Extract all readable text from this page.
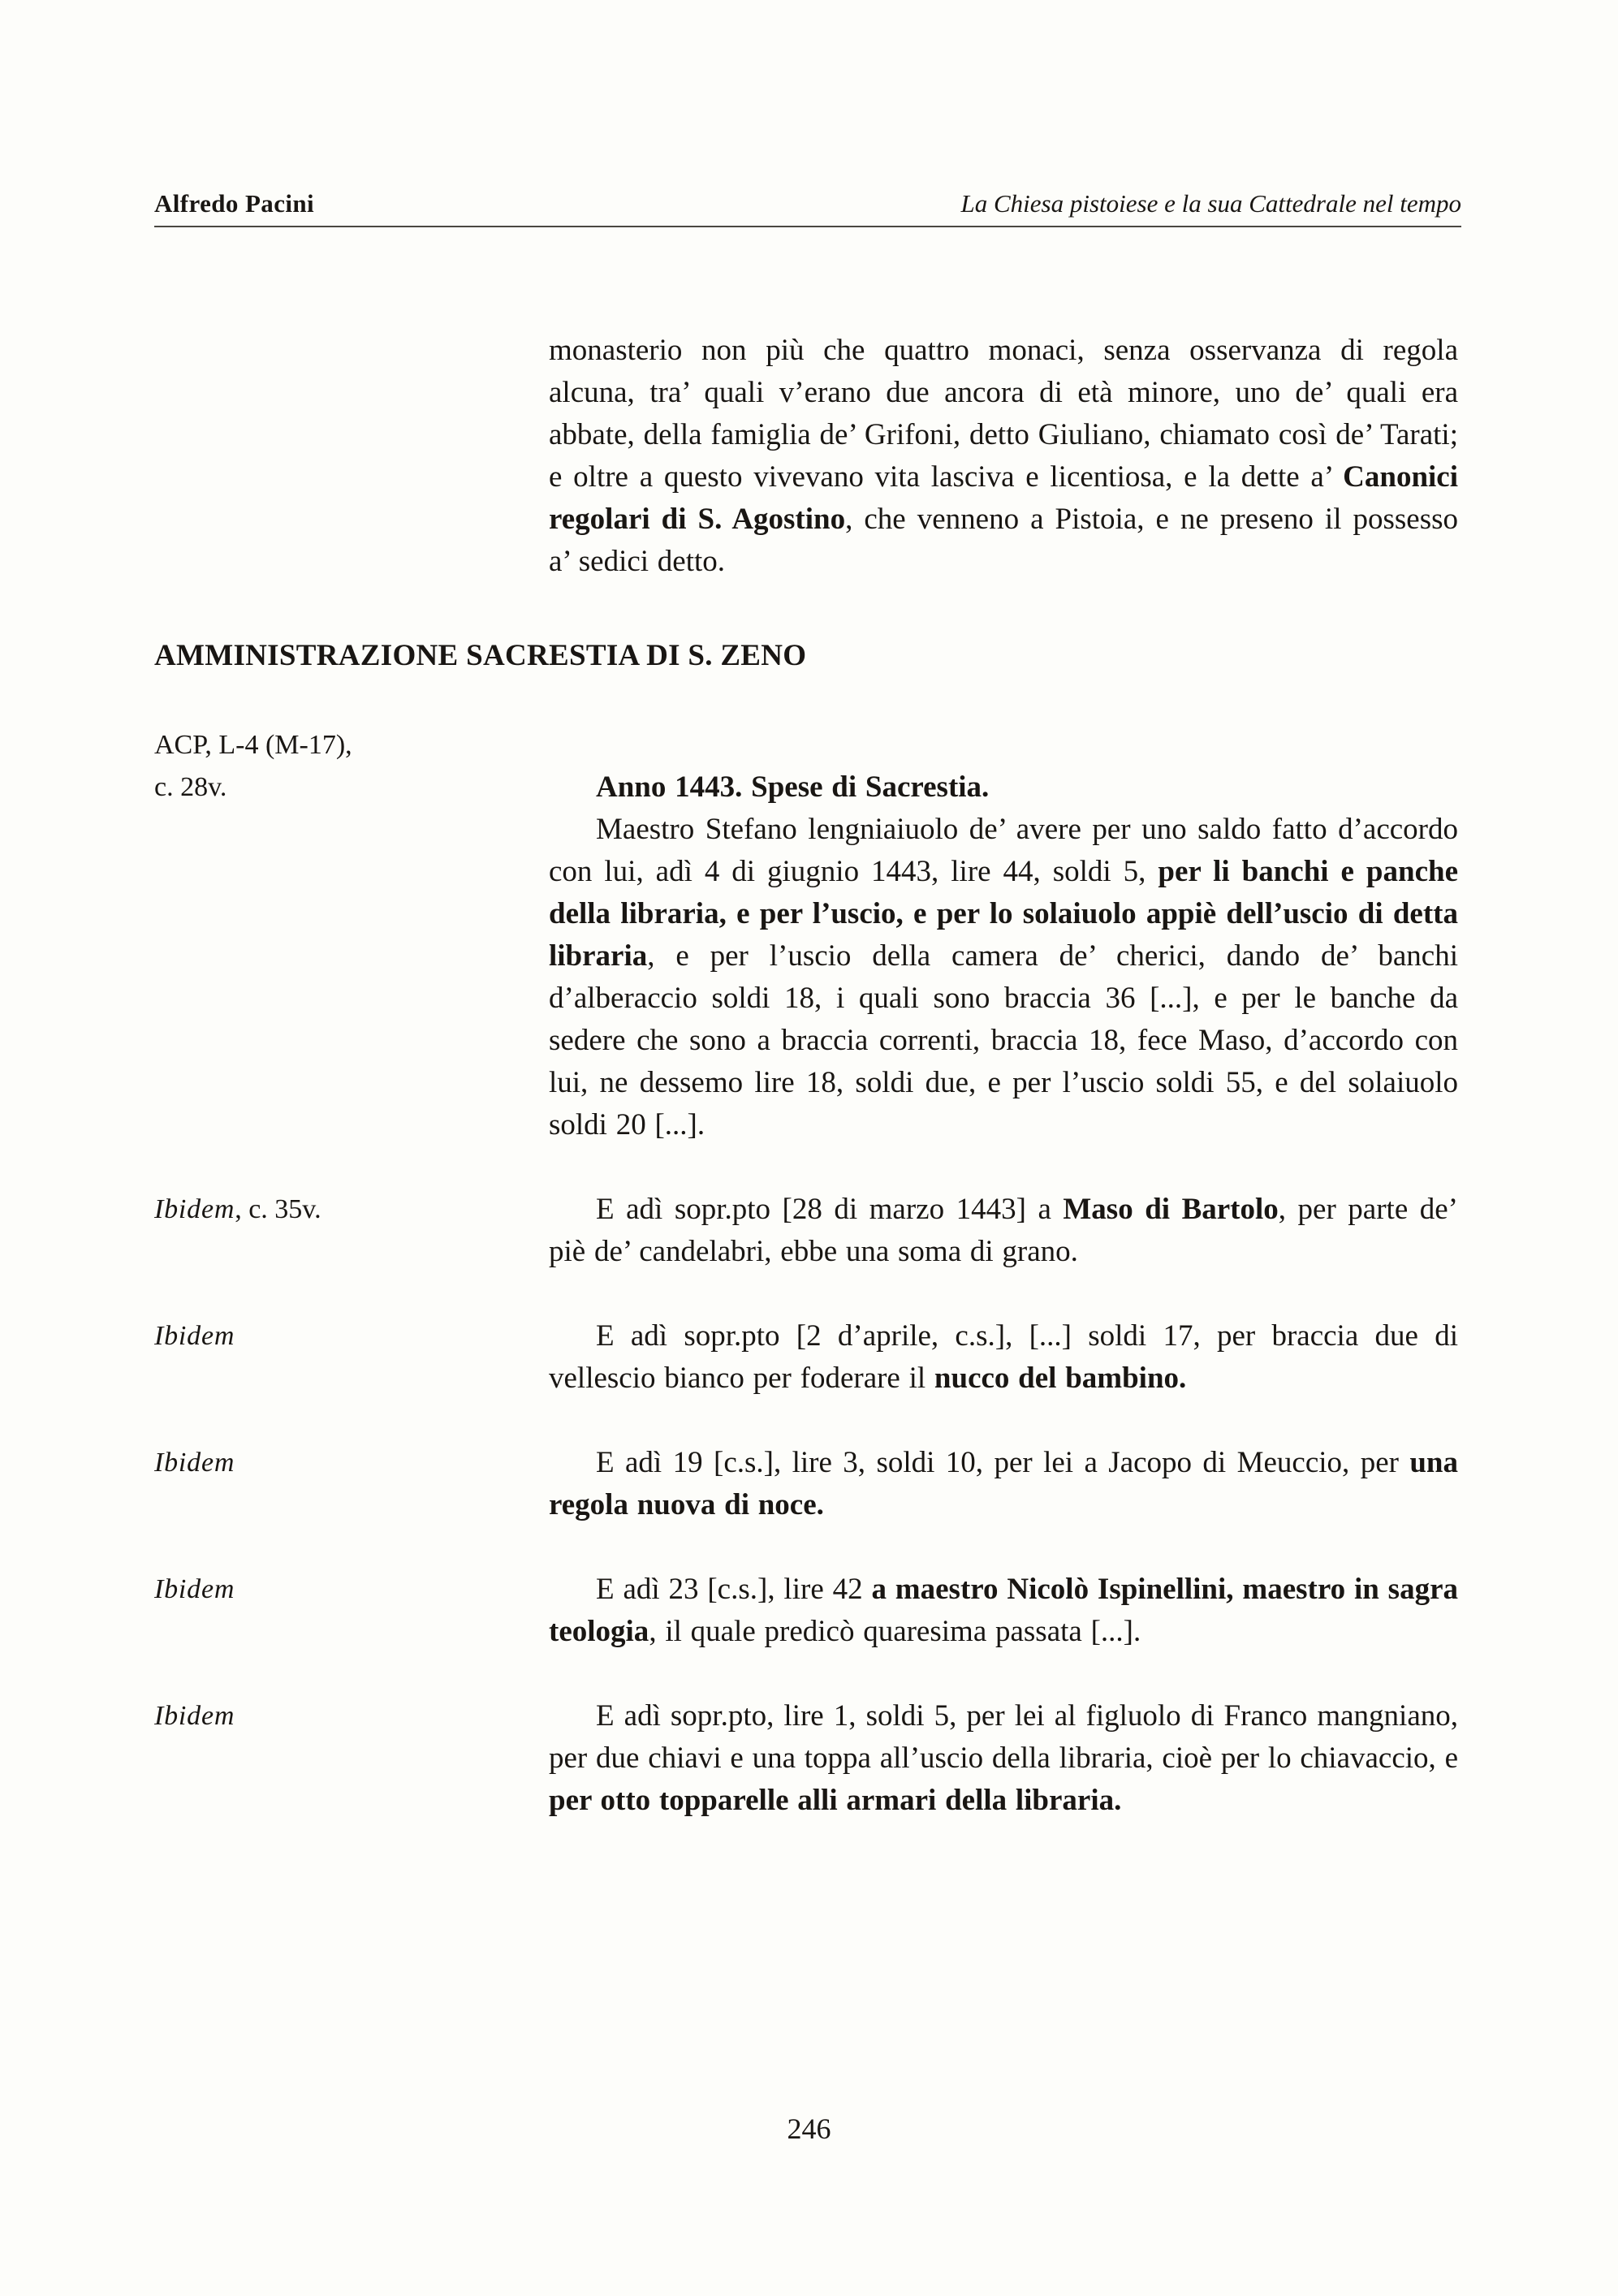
Alfredo Pacini	La Chiesa pistoiese e la sua Cattedrale nel tempo

monasterio non più che quattro monaci, senza osservanza di regola alcuna, tra’ quali v’erano due ancora di età minore, uno de’ quali era abbate, della famiglia de’ Grifoni, detto Giuliano, chiamato così de’ Tarati; e oltre a questo vivevano vita lasciva e licentiosa, e la dette a’ Canonici regolari di S. Agostino, che venneno a Pistoia, e ne preseno il possesso a’ sedici detto.

AMMINISTRAZIONE SACRESTIA DI S. ZENO
ACP, L-4 (M-17),
c. 28v.	Anno 1443. Spese di Sacrestia.

Maestro Stefano lengniaiuolo de’ avere per uno saldo fatto d’accordo con lui, adì 4 di giugnio 1443, lire 44, soldi 5, per li banchi e panche della libraria, e per l’uscio, e per lo solaiuolo appiè dell’uscio di detta libraria, e per l’uscio della camera de’ cherici, dando de’ banchi d’alberaccio soldi 18, i quali sono braccia 36 [...], e per le banche da sedere che sono a braccia correnti, braccia 18, fece Maso, d’accordo con lui, ne dessemo lire 18, soldi due, e per l’uscio soldi 55, e del solaiuolo soldi 20 [...].

Ibidem, c. 35v.	E adì sopr.pto [28 di marzo 1443] a Maso di Bartolo, per parte de’ piè de’ candelabri, ebbe una soma di grano.

Ibidem	E adì sopr.pto [2 d’aprile, c.s.], [...] soldi 17, per braccia due di vellescio bianco per foderare il nucco del bambino.

Ibidem	E adì 19 [c.s.], lire 3, soldi 10, per lei a Jacopo di Meuccio, per una regola nuova di noce.

Ibidem	E adì 23 [c.s.], lire 42 a maestro Nicolò Ispinellini, maestro in sagra teologia, il quale predicò quaresima passata [...].

Ibidem	E adì sopr.pto, lire 1, soldi 5, per lei al figluolo di Franco mangniano, per due chiavi e una toppa all’uscio della libraria, cioè per lo chiavaccio, e per otto topparelle alli armari della libraria.

246
